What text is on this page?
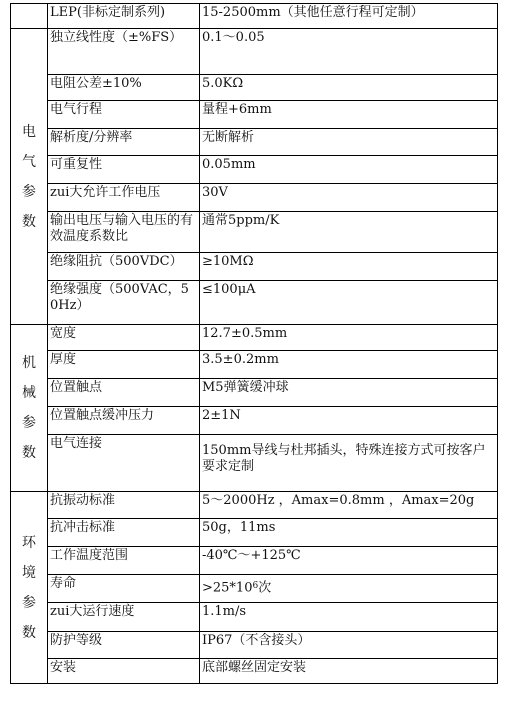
	LEP(非标定制系列)	15-2500mm（其他任意行程可定制）
电气参数	独立线性度（±%FS）	0.1～0.05
	电阻公差±10%	5.0KΩ
	电气行程	量程+6mm
	解析度/分辨率	无断解析
	可重复性	0.05mm
	zui大允许工作电压	30V
	输出电压与输入电压的有效温度系数比	通常5ppm/K
	绝缘阻抗（500VDC）	≥10MΩ
	绝缘强度（500VAC，50Hz）	≤100μA
机械参数	宽度	12.7±0.5mm
	厚度	3.5±0.2mm
	位置触点	M5弹簧缓冲球
	位置触点缓冲压力	2±1N
	电气连接	150mm导线与杜邦插头，特殊连接方式可按客户要求定制
环境参数	抗振动标准	5～2000Hz ，Amax=0.8mm ，Amax=20g
	抗冲击标准	50g，11ms
	工作温度范围	-40℃～+125℃
	寿命	$>25*10^6$次
	zui大运行速度	1.1m/s
	防护等级	IP67（不含接头）
	安装	底部螺丝固定安装
